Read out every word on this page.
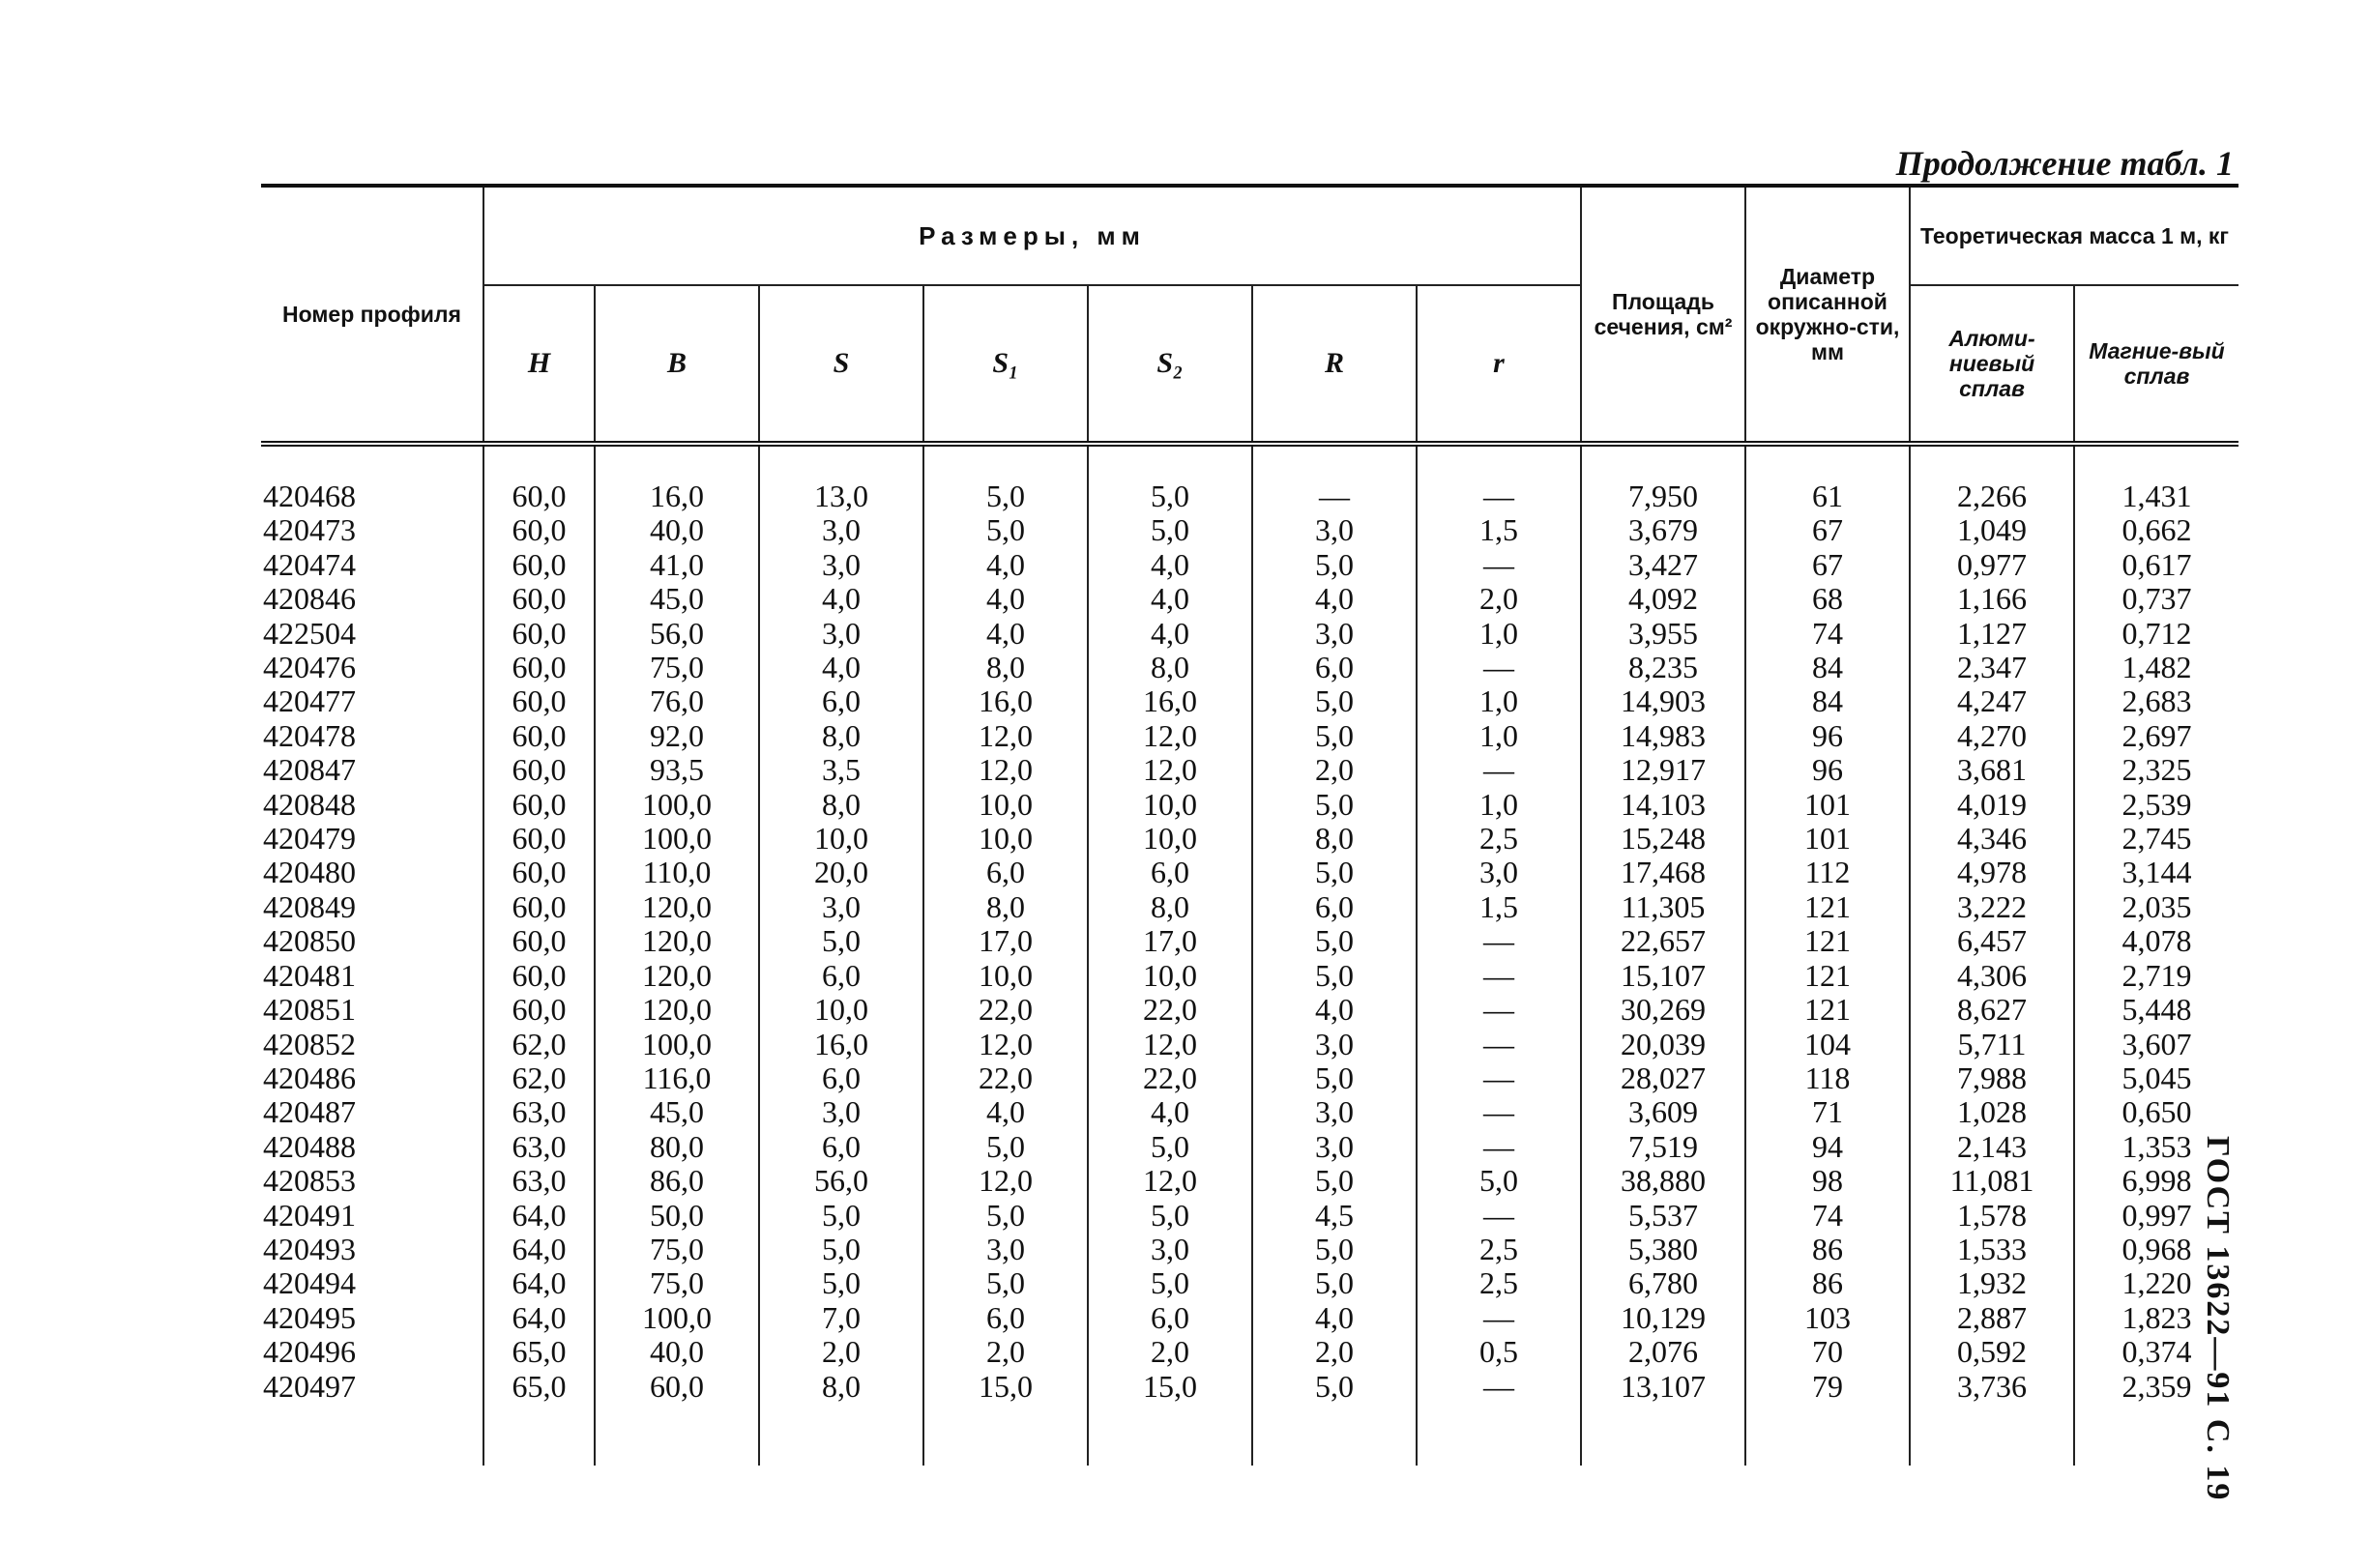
Продолжение табл. 1
ГОСТ 13622—91 С. 19
Номер профиля	Размеры, мм							Площадь сечения, см²	Диаметр описанной окружно-сти, мм	Теоретическая масса 1 м, кг	
	H	B	S	S₁	S₂	R	r			Алюми-ниевый сплав	Магние-вый сплав
420468	60,0	16,0	13,0	5,0	5,0	—	—	7,950	61	2,266	1,431
420473	60,0	40,0	3,0	5,0	5,0	3,0	1,5	3,679	67	1,049	0,662
420474	60,0	41,0	3,0	4,0	4,0	5,0	—	3,427	67	0,977	0,617
420846	60,0	45,0	4,0	4,0	4,0	4,0	2,0	4,092	68	1,166	0,737
422504	60,0	56,0	3,0	4,0	4,0	3,0	1,0	3,955	74	1,127	0,712
420476	60,0	75,0	4,0	8,0	8,0	6,0	—	8,235	84	2,347	1,482
420477	60,0	76,0	6,0	16,0	16,0	5,0	1,0	14,903	84	4,247	2,683
420478	60,0	92,0	8,0	12,0	12,0	5,0	1,0	14,983	96	4,270	2,697
420847	60,0	93,5	3,5	12,0	12,0	2,0	—	12,917	96	3,681	2,325
420848	60,0	100,0	8,0	10,0	10,0	5,0	1,0	14,103	101	4,019	2,539
420479	60,0	100,0	10,0	10,0	10,0	8,0	2,5	15,248	101	4,346	2,745
420480	60,0	110,0	20,0	6,0	6,0	5,0	3,0	17,468	112	4,978	3,144
420849	60,0	120,0	3,0	8,0	8,0	6,0	1,5	11,305	121	3,222	2,035
420850	60,0	120,0	5,0	17,0	17,0	5,0	—	22,657	121	6,457	4,078
420481	60,0	120,0	6,0	10,0	10,0	5,0	—	15,107	121	4,306	2,719
420851	60,0	120,0	10,0	22,0	22,0	4,0	—	30,269	121	8,627	5,448
420852	62,0	100,0	16,0	12,0	12,0	3,0	—	20,039	104	5,711	3,607
420486	62,0	116,0	6,0	22,0	22,0	5,0	—	28,027	118	7,988	5,045
420487	63,0	45,0	3,0	4,0	4,0	3,0	—	3,609	71	1,028	0,650
420488	63,0	80,0	6,0	5,0	5,0	3,0	—	7,519	94	2,143	1,353
420853	63,0	86,0	56,0	12,0	12,0	5,0	5,0	38,880	98	11,081	6,998
420491	64,0	50,0	5,0	5,0	5,0	4,5	—	5,537	74	1,578	0,997
420493	64,0	75,0	5,0	3,0	3,0	5,0	2,5	5,380	86	1,533	0,968
420494	64,0	75,0	5,0	5,0	5,0	5,0	2,5	6,780	86	1,932	1,220
420495	64,0	100,0	7,0	6,0	6,0	4,0	—	10,129	103	2,887	1,823
420496	65,0	40,0	2,0	2,0	2,0	2,0	0,5	2,076	70	0,592	0,374
420497	65,0	60,0	8,0	15,0	15,0	5,0	—	13,107	79	3,736	2,359
